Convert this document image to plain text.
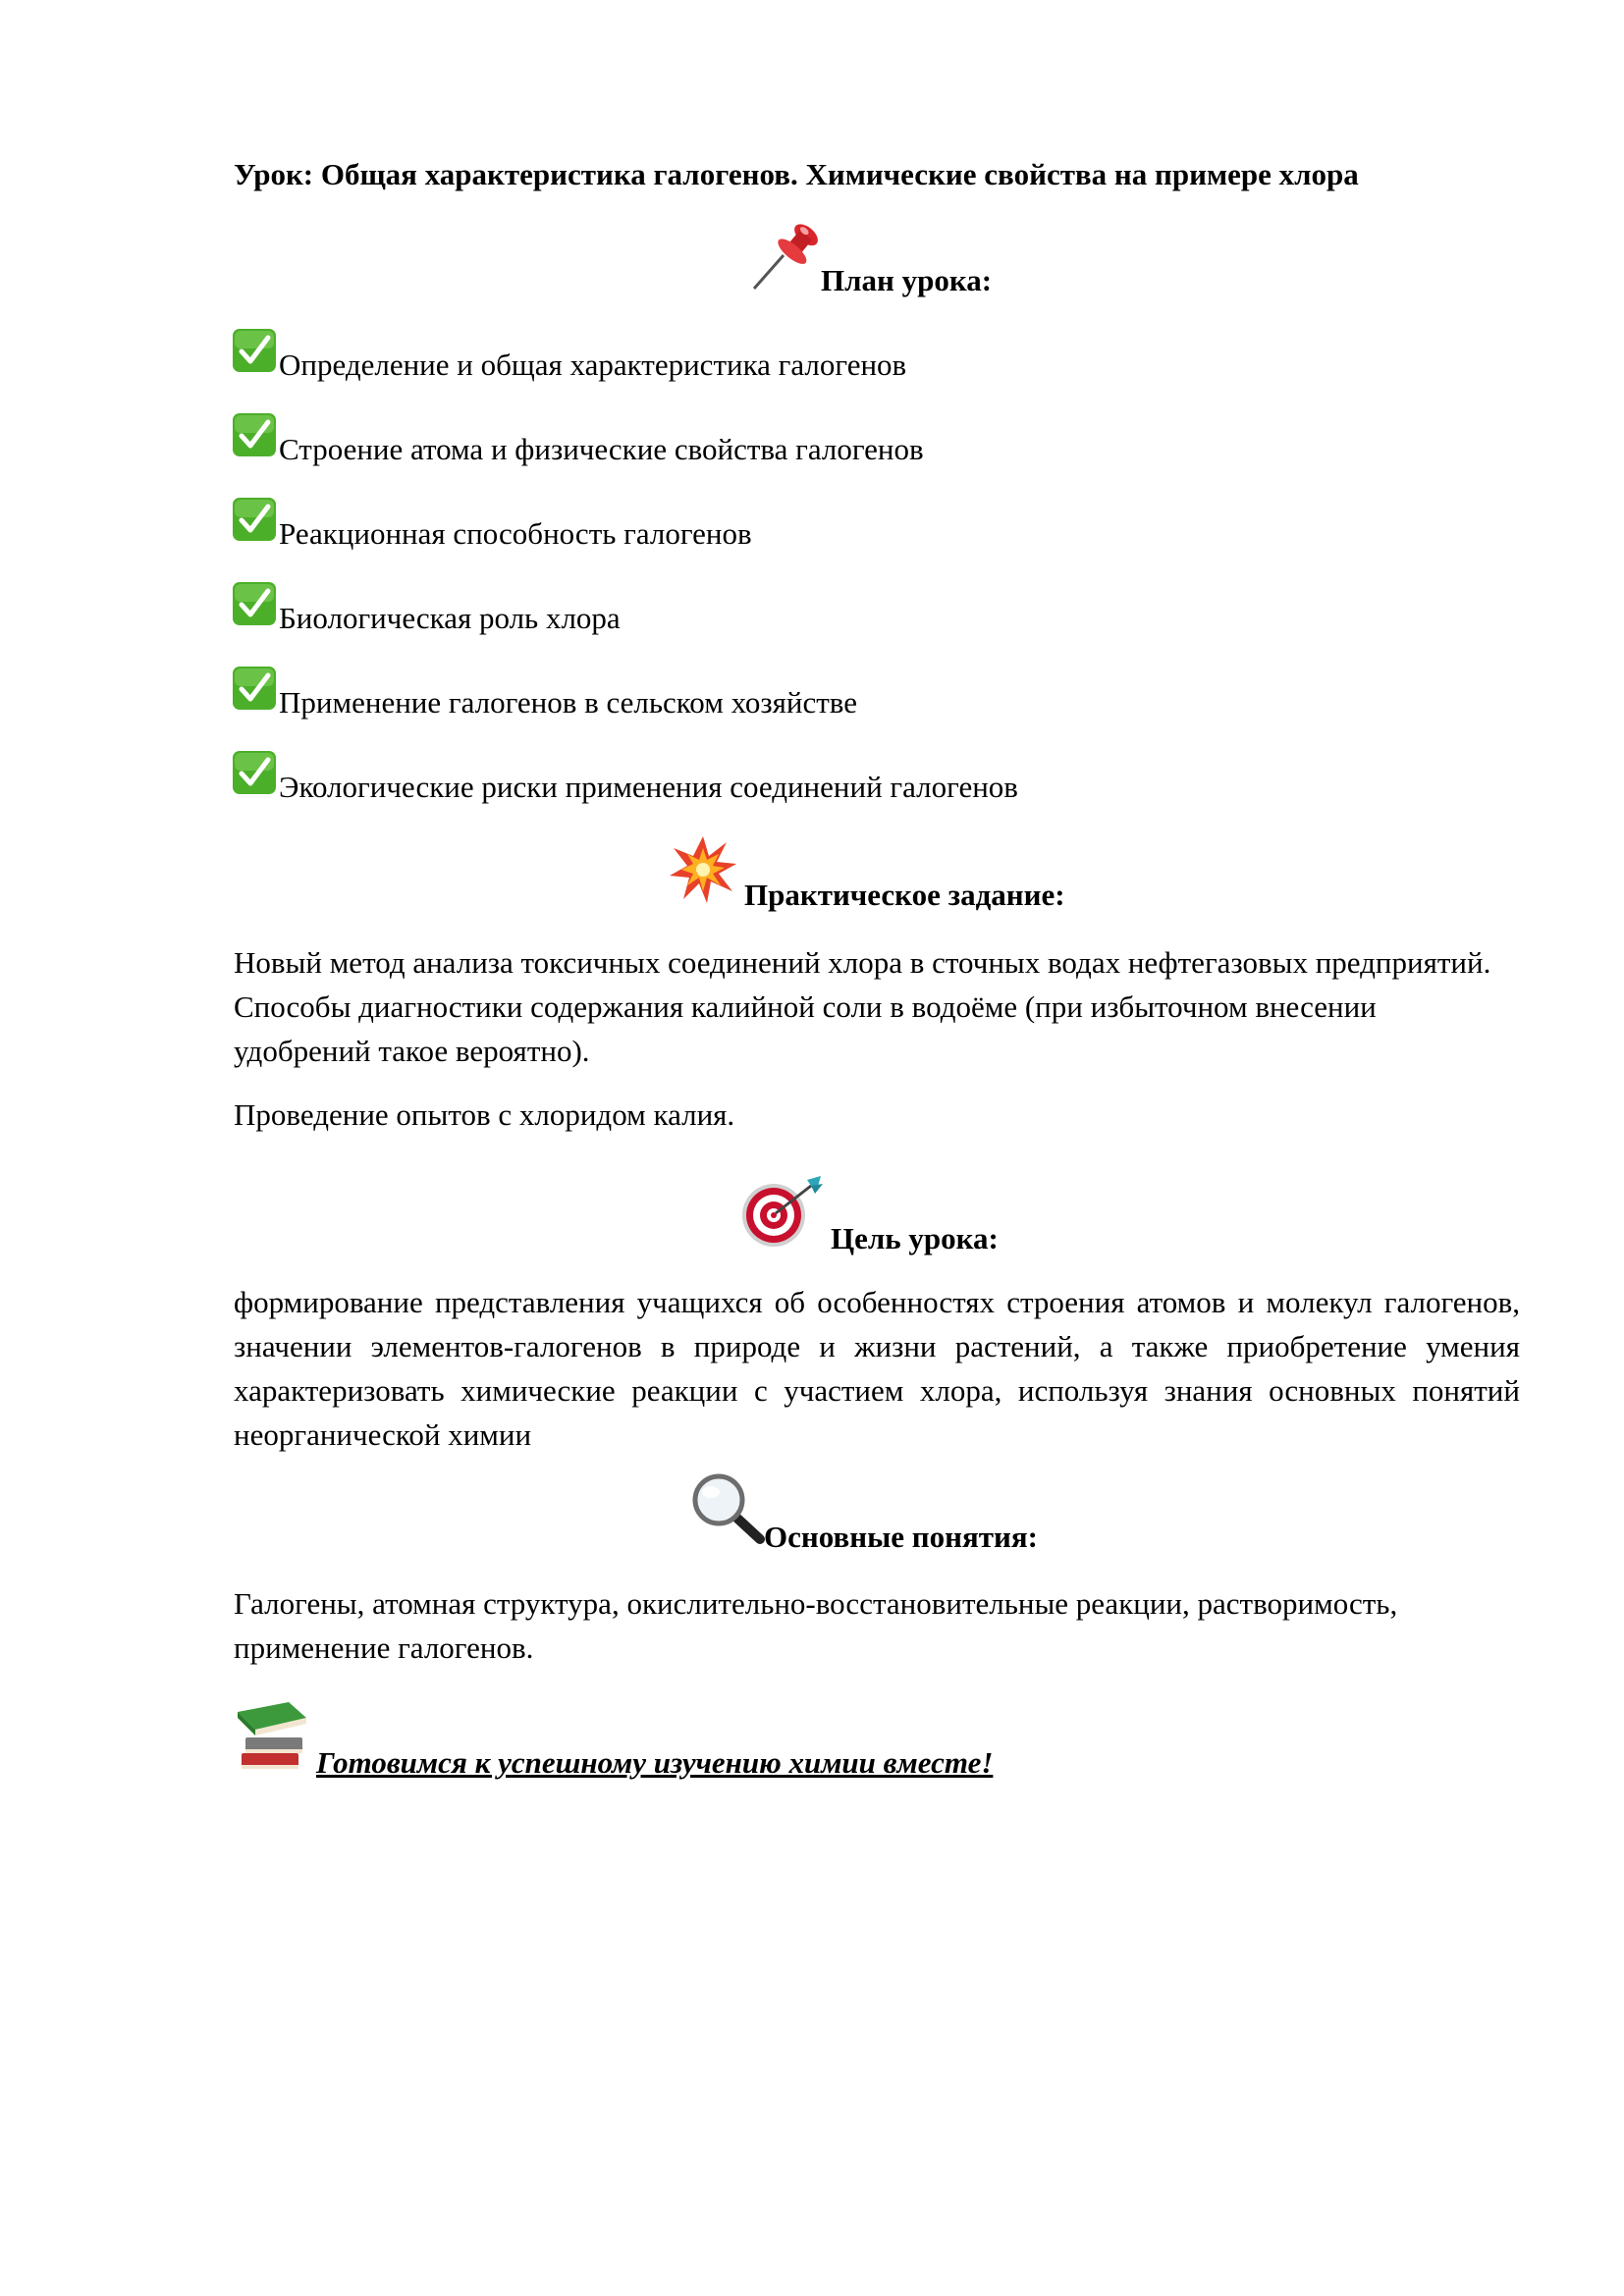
Урок: Общая характеристика галогенов. Химические свойства на примере хлора
План урока:
Определение и общая характеристика галогенов
Строение атома и физические свойства галогенов
Реакционная способность галогенов
Биологическая роль хлора
Применение галогенов в сельском хозяйстве
Экологические риски применения соединений галогенов
Практическое задание:

Новый метод анализа токсичных соединений хлора в сточных водах нефтегазовых предприятий. Способы диагностики содержания калийной соли в водоёме (при избыточном внесении удобрений такое вероятно).

Проведение опытов с хлоридом калия.

Цель урока:

формирование представления учащихся об особенностях строения атомов и молекул галогенов, значении элементов-галогенов в природе и жизни растений, а также приобретение умения характеризовать химические реакции с участием хлора, используя знания основных понятий неорганической химии

Основные понятия:

Галогены, атомная структура, окислительно-восстановительные реакции, растворимость, применение галогенов.

Готовимся к успешному изучению химии вместе!
